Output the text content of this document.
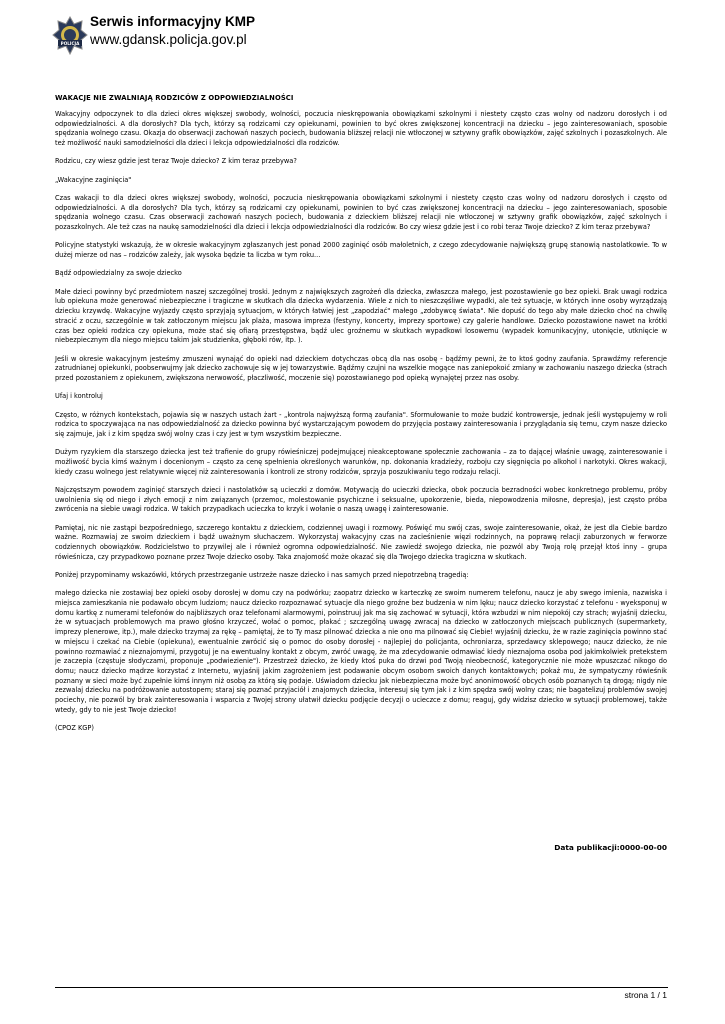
POLICJA
Serwis informacyjny KMP
www.gdansk.policja.gov.pl
WAKACJE NIE ZWALNIAJĄ RODZICÓW Z ODPOWIEDZIALNOŚCI

Wakacyjny odpoczynek to dla dzieci okres większej swobody, wolności, poczucia nieskrępowania obowiązkami szkolnymi i niestety często czas wolny od nadzoru dorosłych i od odpowiedzialności. A dla dorosłych? Dla tych, którzy są rodzicami czy opiekunami, powinien to być okres zwiększonej koncentracji na dziecku – jego zainteresowaniach, sposobie spędzania wolnego czasu. Okazja do obserwacji zachowań naszych pociech, budowania bliższej relacji nie wtłoczonej w sztywny grafik obowiązków, zajęć szkolnych i pozaszkolnych. Ale też możliwość nauki samodzielności dla dzieci i lekcja odpowiedzialności dla rodziców.

Rodzicu, czy wiesz gdzie jest teraz Twoje dziecko? Z kim teraz przebywa?

„Wakacyjne zaginięcia"

Czas wakacji to dla dzieci okres większej swobody, wolności, poczucia nieskrępowania obowiązkami szkolnymi i niestety często czas wolny od nadzoru dorosłych i często od odpowiedzialności. A dla dorosłych? Dla tych, którzy są rodzicami czy opiekunami, powinien to być czas zwiększonej koncentracji na dziecku – jego zainteresowaniach, sposobie spędzania wolnego czasu. Czas obserwacji zachowań naszych pociech, budowania z dzieckiem bliższej relacji nie wtłoczonej w sztywny grafik obowiązków, zajęć szkolnych i pozaszkolnych. Ale też czas na naukę samodzielności dla dzieci i lekcja odpowiedzialności dla rodziców. Bo czy wiesz gdzie jest i co robi teraz Twoje dziecko? Z kim teraz przebywa?

Policyjne statystyki wskazują, że w okresie wakacyjnym zgłaszanych jest ponad 2000 zaginięć osób małoletnich, z czego zdecydowanie największą grupę stanowią nastolatkowie. To w dużej mierze od nas – rodziców zależy, jak wysoka będzie ta liczba w tym roku...

Bądź odpowiedzialny za swoje dziecko

Małe dzieci powinny być przedmiotem naszej szczególnej troski. Jednym z największych zagrożeń dla dziecka, zwłaszcza małego, jest pozostawienie go bez opieki. Brak uwagi rodzica lub opiekuna może generować niebezpieczne i tragiczne w skutkach dla dziecka wydarzenia. Wiele z nich to nieszczęśliwe wypadki, ale też sytuacje, w których inne osoby wyrządzają dziecku krzywdę. Wakacyjne wyjazdy często sprzyjają sytuacjom, w których łatwiej jest „zapodziać" małego „zdobywcę świata". Nie dopuść do tego aby małe dziecko choć na chwilę stracić z oczu, szczególnie w tak zatłoczonym miejscu jak plaża, masowa impreza (festyny, koncerty, imprezy sportowe) czy galerie handlowe. Dziecko pozostawione nawet na krótki czas bez opieki rodzica czy opiekuna, może stać się ofiarą przestępstwa, bądź ulec groźnemu w skutkach wypadkowi losowemu (wypadek komunikacyjny, utonięcie, utknięcie w niebezpiecznym dla niego miejscu takim jak studzienka, głęboki rów, itp. ).

Jeśli w okresie wakacyjnym jesteśmy zmuszeni wynająć do opieki nad dzieckiem dotychczas obcą dla nas osobę - bądźmy pewni, że to ktoś godny zaufania. Sprawdźmy referencje zatrudnianej opiekunki, poobserwujmy jak dziecko zachowuje się w jej towarzystwie. Bądźmy czujni na wszelkie mogące nas zaniepokoić zmiany w zachowaniu naszego dziecka (strach przed pozostaniem z opiekunem, zwiększona nerwowość, płaczliwość, moczenie się) pozostawianego pod opieką wynajętej przez nas osoby.

Ufaj i kontroluj

Często, w różnych kontekstach, pojawia się w naszych ustach żart - „kontrola najwyższą formą zaufania". Sformułowanie to może budzić kontrowersje, jednak jeśli występujemy w roli rodzica to spoczywająca na nas odpowiedzialność za dziecko powinna być wystarczającym powodem do przyjęcia postawy zainteresowania i przyglądania się temu, czym nasze dziecko się zajmuje, jak i z kim spędza swój wolny czas i czy jest w tym wszystkim bezpieczne.

Dużym ryzykiem dla starszego dziecka jest też trafienie do grupy rówieśniczej podejmującej nieakceptowane społecznie zachowania – za to dającej właśnie uwagę, zainteresowanie i możliwość bycia kimś ważnym i docenionym – często za cenę spełnienia określonych warunków, np. dokonania kradzieży, rozboju czy sięgnięcia po alkohol i narkotyki. Okres wakacji, kiedy czasu wolnego jest relatywnie więcej niż zainteresowania i kontroli ze strony rodziców, sprzyja poszukiwaniu tego rodzaju relacji.

Najczęstszym powodem zaginięć starszych dzieci i nastolatków są ucieczki z domów. Motywacją do ucieczki dziecka, obok poczucia bezradności wobec konkretnego problemu, próby uwolnienia się od niego i złych emocji z nim związanych (przemoc, molestowanie psychiczne i seksualne, upokorzenie, bieda, niepowodzenia miłosne, depresja), jest często próba zwrócenia na siebie uwagi rodzica. W takich przypadkach ucieczka to krzyk i wołanie o naszą uwagę i zainteresowanie.

Pamiętaj, nic nie zastąpi bezpośredniego, szczerego kontaktu z dzieckiem, codziennej uwagi i rozmowy. Poświęć mu swój czas, swoje zainteresowanie, okaż, że jest dla Ciebie bardzo ważne. Rozmawiaj ze swoim dzieckiem i bądź uważnym słuchaczem. Wykorzystaj wakacyjny czas na zacieśnienie więzi rodzinnych, na poprawę relacji zaburzonych w ferworze codziennych obowiązków. Rodzicielstwo to przywilej ale i również ogromna odpowiedzialność. Nie zawiedź swojego dziecka, nie pozwól aby Twoją rolę przejął ktoś inny – grupa rówieśnicza, czy przypadkowo poznane przez Twoje dziecko osoby. Taka znajomość może okazać się dla Twojego dziecka tragiczna w skutkach.

Poniżej przypominamy wskazówki, których przestrzeganie ustrzeże nasze dziecko i nas samych przed niepotrzebną tragedią:

małego dziecka nie zostawiaj bez opieki osoby dorosłej w domu czy na podwórku; zaopatrz dziecko w karteczkę ze swoim numerem telefonu, naucz je aby swego imienia, nazwiska i miejsca zamieszkania nie podawało obcym ludziom; naucz dziecko rozpoznawać sytuacje dla niego groźne bez budzenia w nim lęku; naucz dziecko korzystać z telefonu - wyeksponuj w domu kartkę z numerami telefonów do najbliższych oraz telefonami alarmowymi, poinstruuj jak ma się zachować w sytuacji, która wzbudzi w nim niepokój czy strach; wyjaśnij dziecku, że w sytuacjach problemowych ma prawo głośno krzyczeć, wołać o pomoc, płakać ; szczególną uwagę zwracaj na dziecko w zatłoczonych miejscach publicznych (supermarkety, imprezy plenerowe, itp.), małe dziecko trzymaj za rękę – pamiętaj, że to Ty masz pilnować dziecka a nie ono ma pilnować się Ciebie! wyjaśnij dziecku, że w razie zaginięcia powinno stać w miejscu i czekać na Ciebie (opiekuna), ewentualnie zwrócić się o pomoc do osoby dorosłej - najlepiej do policjanta, ochroniarza, sprzedawcy sklepowego; naucz dziecko, że nie powinno rozmawiać z nieznajomymi, przygotuj je na ewentualny kontakt z obcym, zwróć uwagę, że ma zdecydowanie odmawiać kiedy nieznajoma osoba pod jakimkolwiek pretekstem je zaczepia (częstuje słodyczami, proponuje „podwiezienie"). Przestrzeż dziecko, że kiedy ktoś puka do drzwi pod Twoją nieobecność, kategorycznie nie może wpuszczać nikogo do domu; naucz dziecko mądrze korzystać z Internetu, wyjaśnij jakim zagrożeniem jest podawanie obcym osobom swoich danych kontaktowych; pokaż mu, że sympatyczny rówieśnik poznany w sieci może być zupełnie kimś innym niż osobą za którą się podaje. Uświadom dziecku jak niebezpieczna może być anonimowość obcych osób poznanych tą drogą; nigdy nie zezwalaj dziecku na podróżowanie autostopem; staraj się poznać przyjaciół i znajomych dziecka, interesuj się tym jak i z kim spędza swój wolny czas; nie bagatelizuj problemów swojej pociechy, nie pozwól by brak zainteresowania i wsparcia z Twojej strony ułatwił dziecku podjęcie decyzji o ucieczce z domu; reaguj, gdy widzisz dziecko w sytuacji problemowej, także wtedy, gdy to nie jest Twoje dziecko!

(CPOZ KGP)

Data publikacji:0000-00-00
strona 1 / 1
